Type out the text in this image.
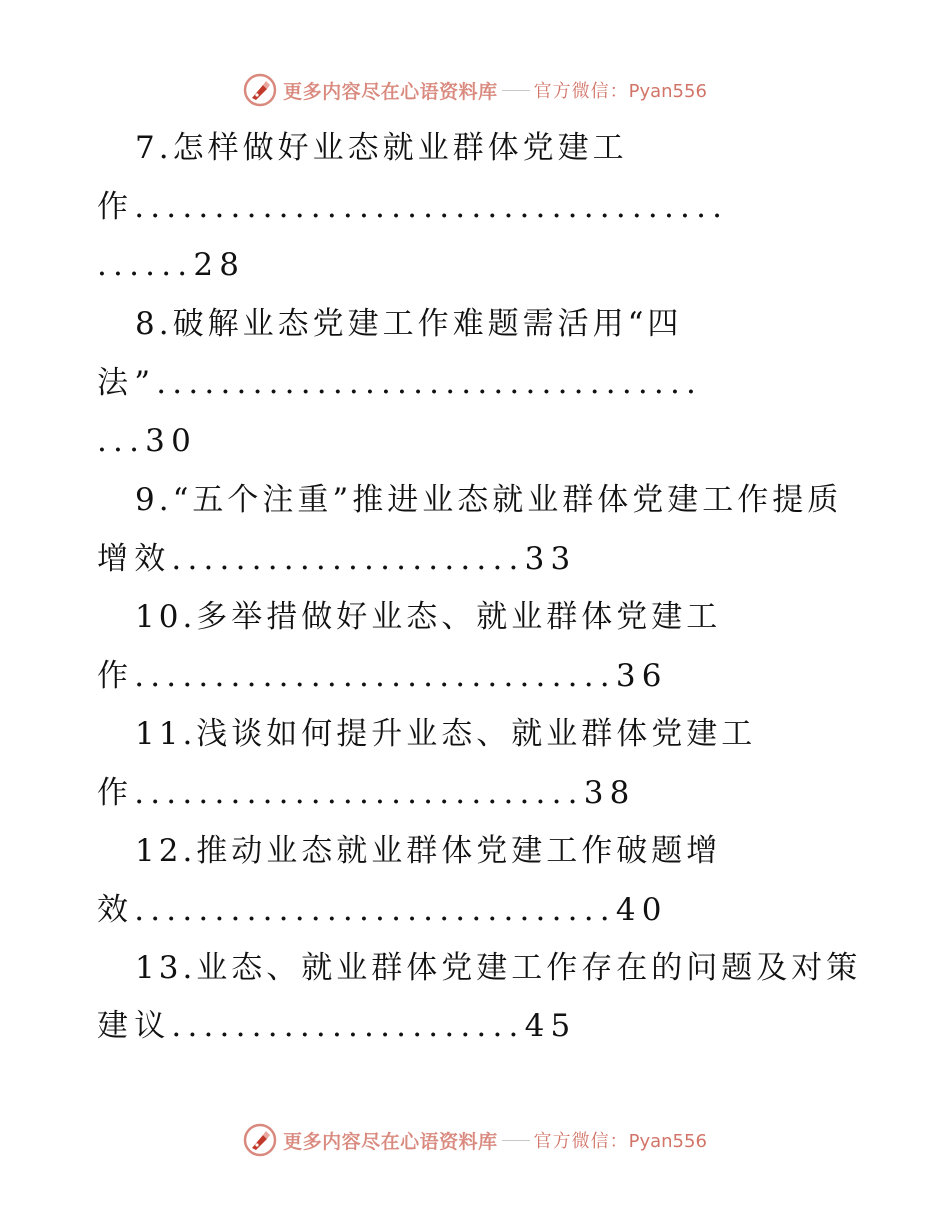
更多内容尽在心语资料库 官方微信：Pyan556
7.怎样做好业态就业群体党建工
作.....................................
......28
8.破解业态党建工作难题需活用“四
法”..................................
...30
9.“五个注重”推进业态就业群体党建工作提质
增效......................33
10.多举措做好业态、就业群体党建工
作..............................36
11.浅谈如何提升业态、就业群体党建工
作............................38
12.推动业态就业群体党建工作破题增
效..............................40
13.业态、就业群体党建工作存在的问题及对策
建议......................45
更多内容尽在心语资料库 官方微信：Pyan556
